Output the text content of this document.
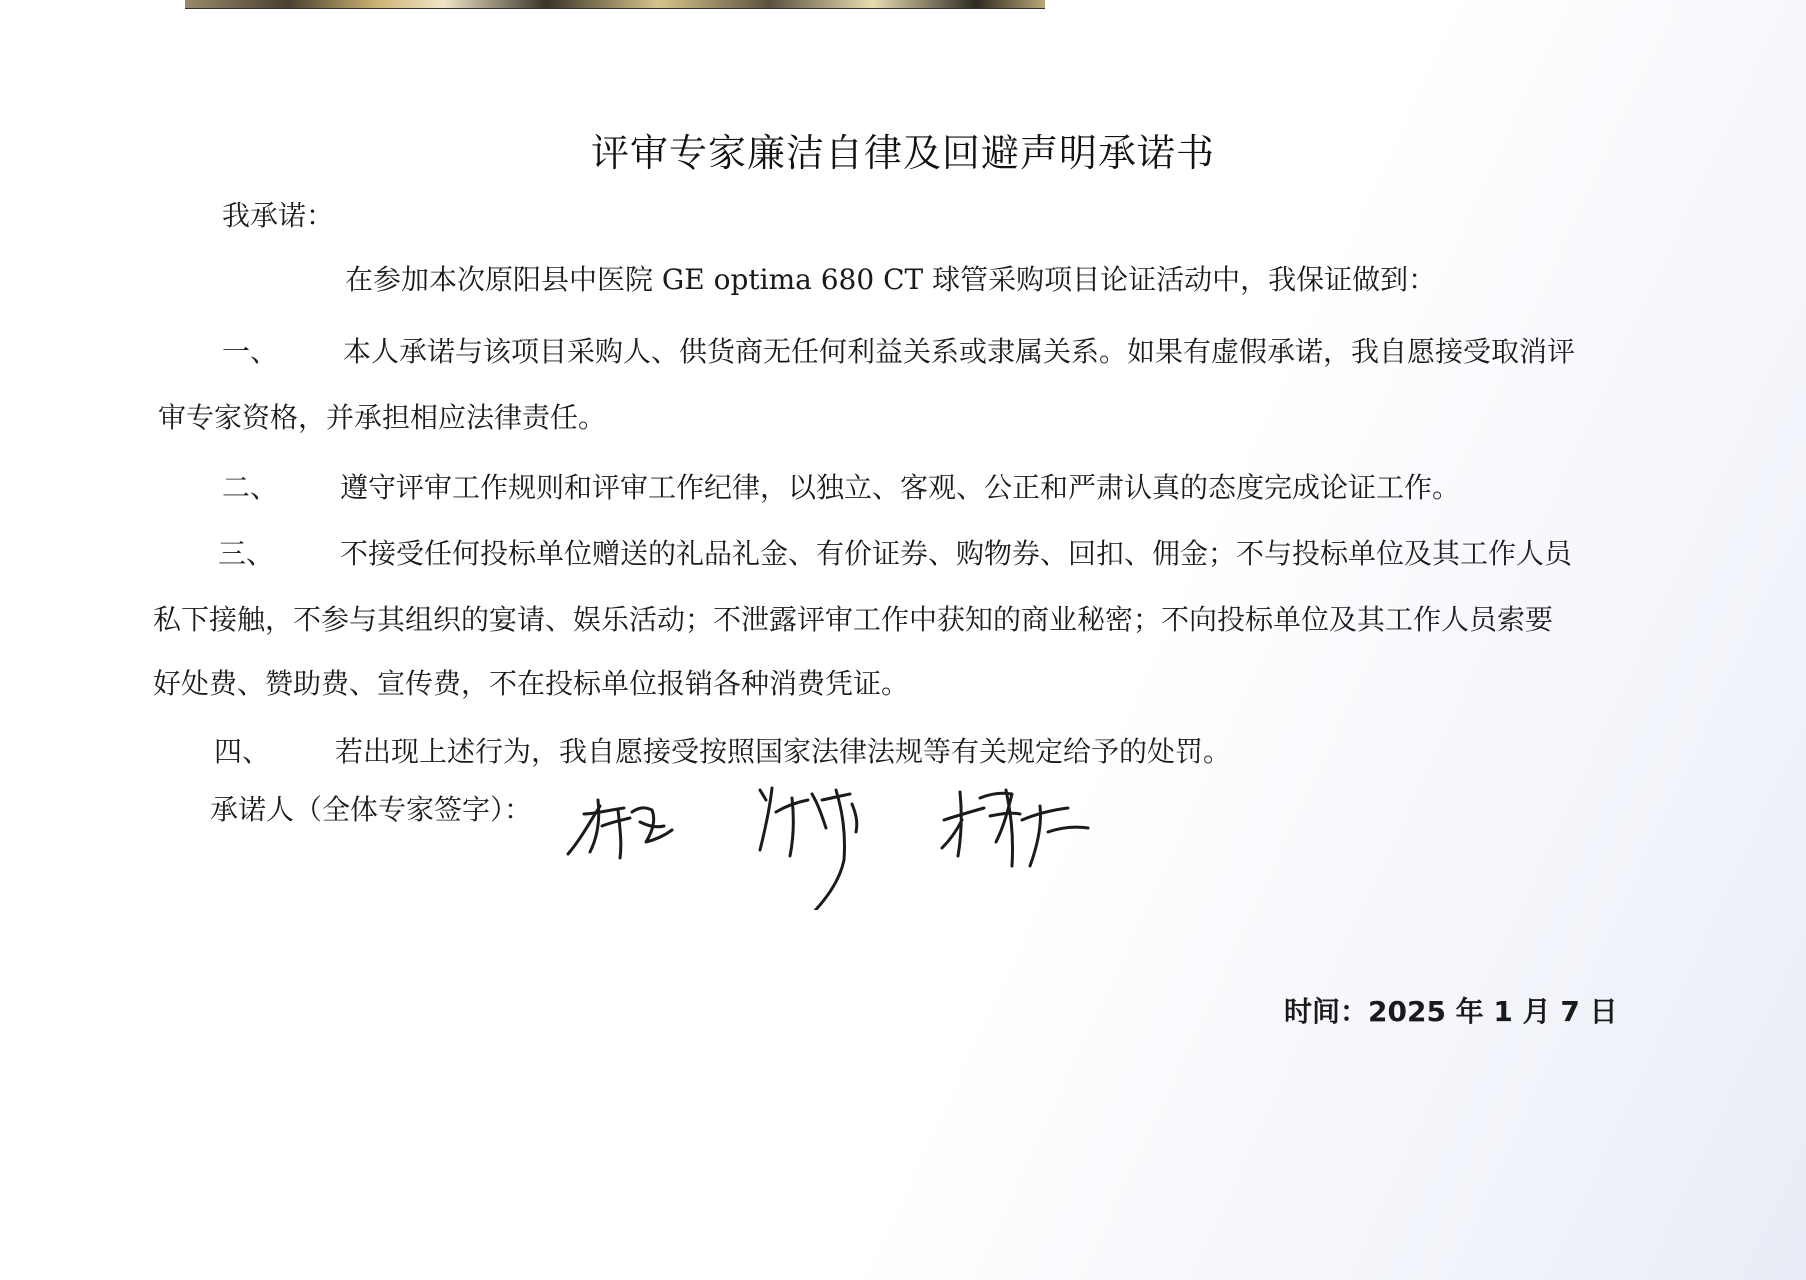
评审专家廉洁自律及回避声明承诺书
我承诺：
在参加本次原阳县中医院 GE optima 680 CT 球管采购项目论证活动中，我保证做到：
一、 本人承诺与该项目采购人、供货商无任何利益关系或隶属关系。如果有虚假承诺，我自愿接受取消评
审专家资格，并承担相应法律责任。
二、 遵守评审工作规则和评审工作纪律，以独立、客观、公正和严肃认真的态度完成论证工作。
三、 不接受任何投标单位赠送的礼品礼金、有价证券、购物券、回扣、佣金；不与投标单位及其工作人员
私下接触，不参与其组织的宴请、娱乐活动；不泄露评审工作中获知的商业秘密；不向投标单位及其工作人员索要
好处费、赞助费、宣传费，不在投标单位报销各种消费凭证。
四、 若出现上述行为，我自愿接受按照国家法律法规等有关规定给予的处罚。
承诺人（全体专家签字）：
时间：2025 年 1 月 7 日
